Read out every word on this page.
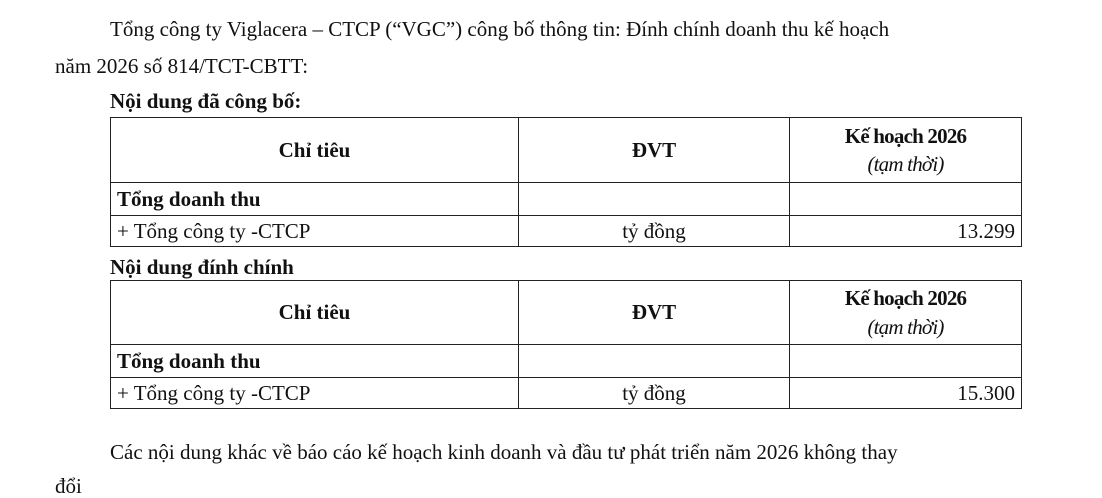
Tổng công ty Viglacera – CTCP (“VGC”) công bố thông tin: Đính chính doanh thu kế hoạch
năm 2026 số 814/TCT-CBTT:
Nội dung đã công bố:
Chỉ tiêu	ĐVT	Kế hoạch 2026
(tạm thời)

Tổng doanh thu		
+ Tổng công ty -CTCP	tỷ đồng	13.299
Nội dung đính chính
Chỉ tiêu	ĐVT	Kế hoạch 2026
(tạm thời)

Tổng doanh thu		
+ Tổng công ty -CTCP	tỷ đồng	15.300
Các nội dung khác về báo cáo kế hoạch kinh doanh và đầu tư phát triển năm 2026 không thay
đổi
